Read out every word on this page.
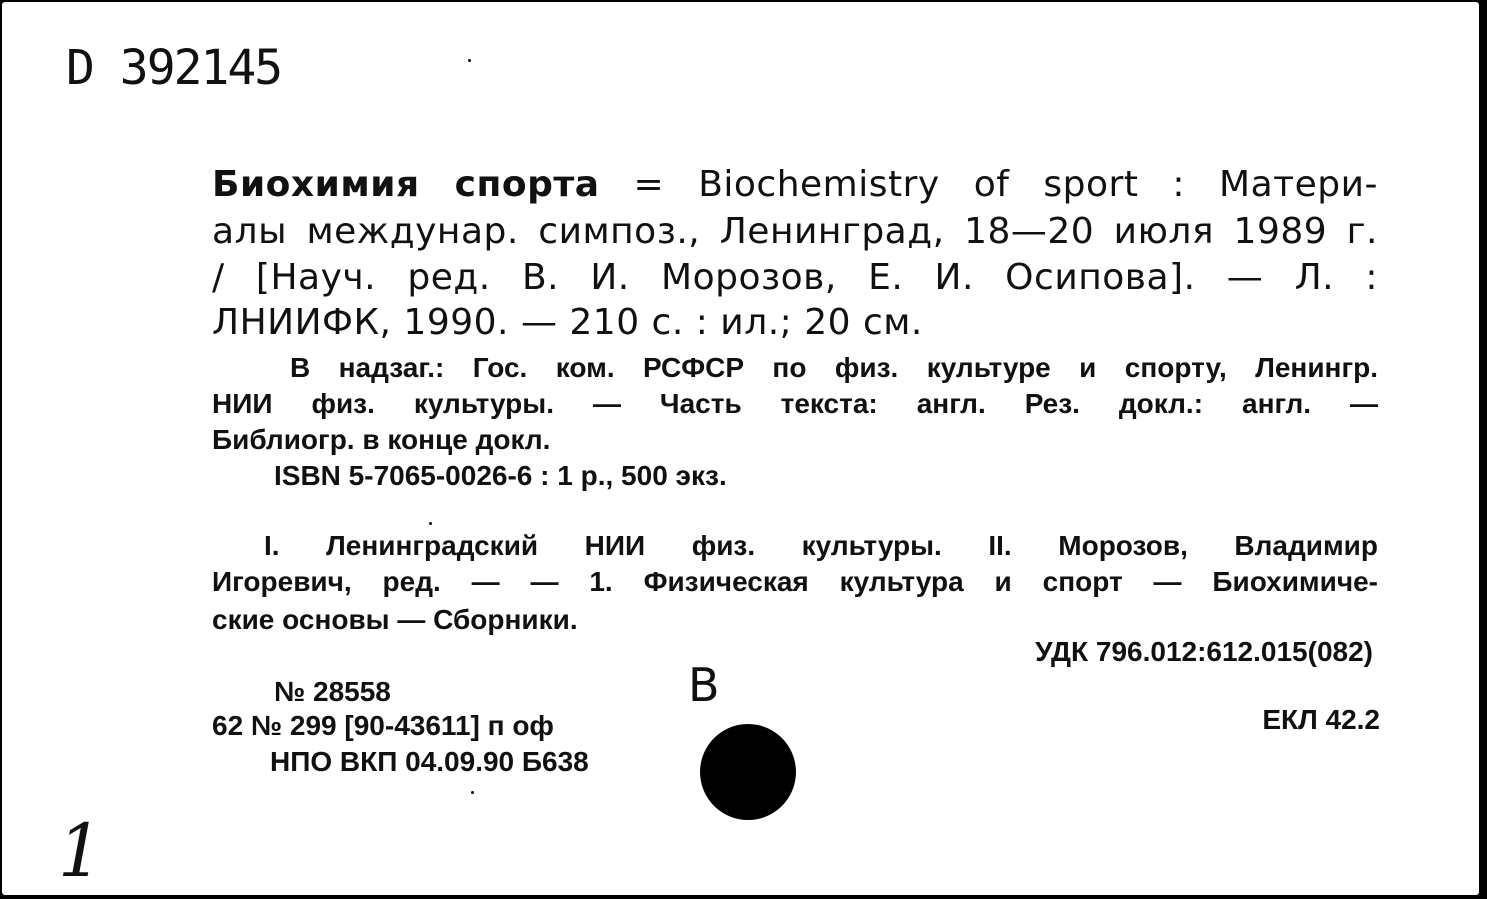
D 392145
Биохимия спорта = Biochemistry of sport : Матери-
алы междунар. симпоз., Ленинград, 18—20 июля 1989 г.
/ [Науч. ред. В. И. Морозов, Е. И. Осипова]. — Л. :
ЛНИИФК, 1990. — 210 с. : ил.; 20 см.
В надзаг.: Гос. ком. РСФСР по физ. культуре и спорту, Ленингр.
НИИ физ. культуры. — Часть текста: англ. Рез. докл.: англ. —
Библиогр. в конце докл.
ISBN 5-7065-0026-6 : 1 р., 500 экз.
I. Ленинградский НИИ физ. культуры. II. Морозов, Владимир
Игоревич, ред. — — 1. Физическая культура и спорт — Биохимиче-
ские основы — Сборники.
УДК 796.012:612.015(082)
№ 28558
62 № 299 [90-43611] п оф
НПО ВКП 04.09.90 Б638
В
ЕКЛ 42.2
1
